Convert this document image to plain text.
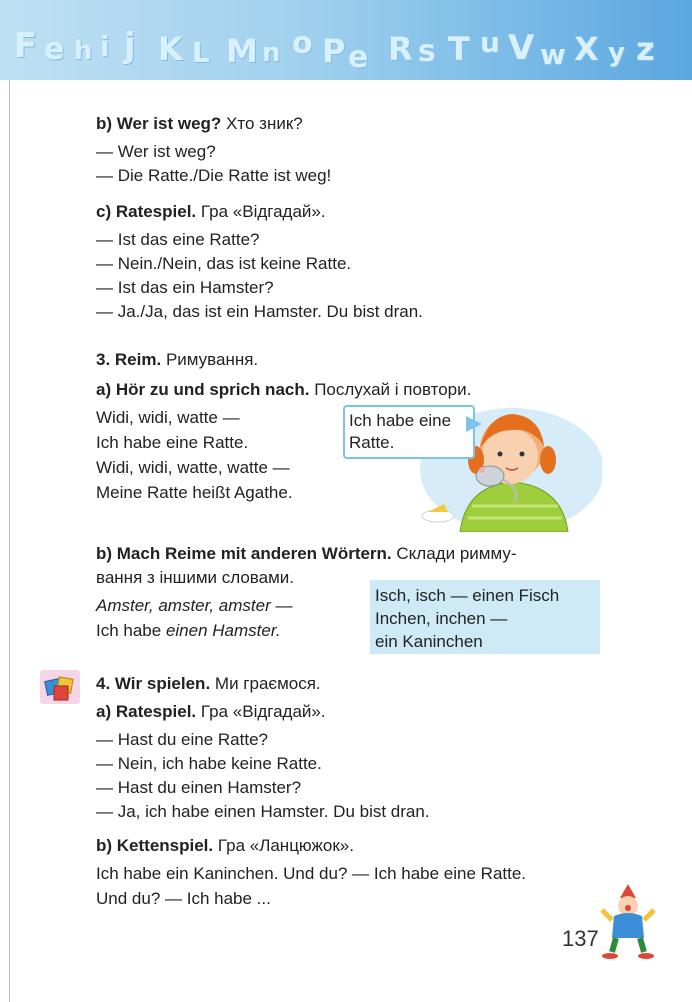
F e h i j K L M n o P e R s T u V w X y z
b) Wer ist weg? Хто зник?
— Wer ist weg?
— Die Ratte./Die Ratte ist weg!
c) Ratespiel. Гра «Відгадай».
— Ist das eine Ratte?
— Nein./Nein, das ist keine Ratte.
— Ist das ein Hamster?
— Ja./Ja, das ist ein Hamster. Du bist dran.
3. Reim. Римування.
a) Hör zu und sprich nach. Послухай і повтори.
Widi, widi, watte —
Ich habe eine Ratte.
Widi, widi, watte, watte —
Meine Ratte heißt Agathe.
Ich habe eine
Ratte.
b) Mach Reime mit anderen Wörtern. Склади римму-
вання з іншими словами.
Amster, amster, amster —
Ich habe einen Hamster.
Isch, isch — einen Fisch
Inchen, inchen —
ein Kaninchen
4. Wir spielen. Ми граємося.
a) Ratespiel. Гра «Відгадай».
— Hast du eine Ratte?
— Nein, ich habe keine Ratte.
— Hast du einen Hamster?
— Ja, ich habe einen Hamster. Du bist dran.
b) Kettenspiel. Гра «Ланцюжок».
Ich habe ein Kaninchen. Und du? — Ich habe eine Ratte.
Und du? — Ich habe ...
137
